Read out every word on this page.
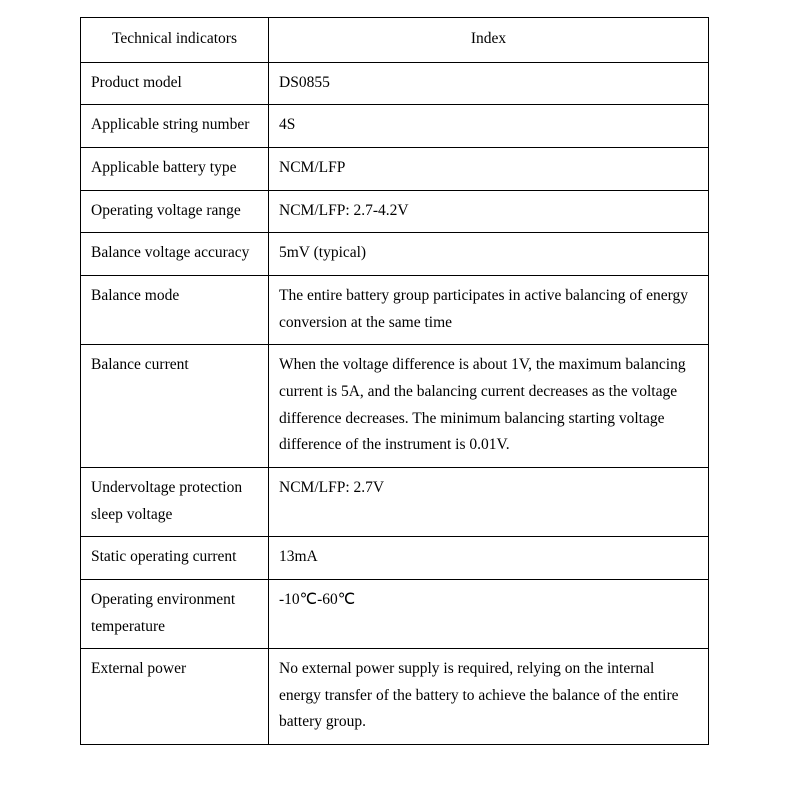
Technical indicators	Index
Product model	DS0855
Applicable string number	4S
Applicable battery type	NCM/LFP
Operating voltage range	NCM/LFP: 2.7-4.2V
Balance voltage accuracy	5mV (typical)
Balance mode	The entire battery group participates in active balancing of energy conversion at the same time
Balance current	When the voltage difference is about 1V, the maximum balancing current is 5A, and the balancing current decreases as the voltage difference decreases. The minimum balancing starting voltage difference of the instrument is 0.01V.
Undervoltage protection sleep voltage	NCM/LFP: 2.7V
Static operating current	13mA
Operating environment temperature	-10℃-60℃
External power	No external power supply is required, relying on the internal energy transfer of the battery to achieve the balance of the entire battery group.
